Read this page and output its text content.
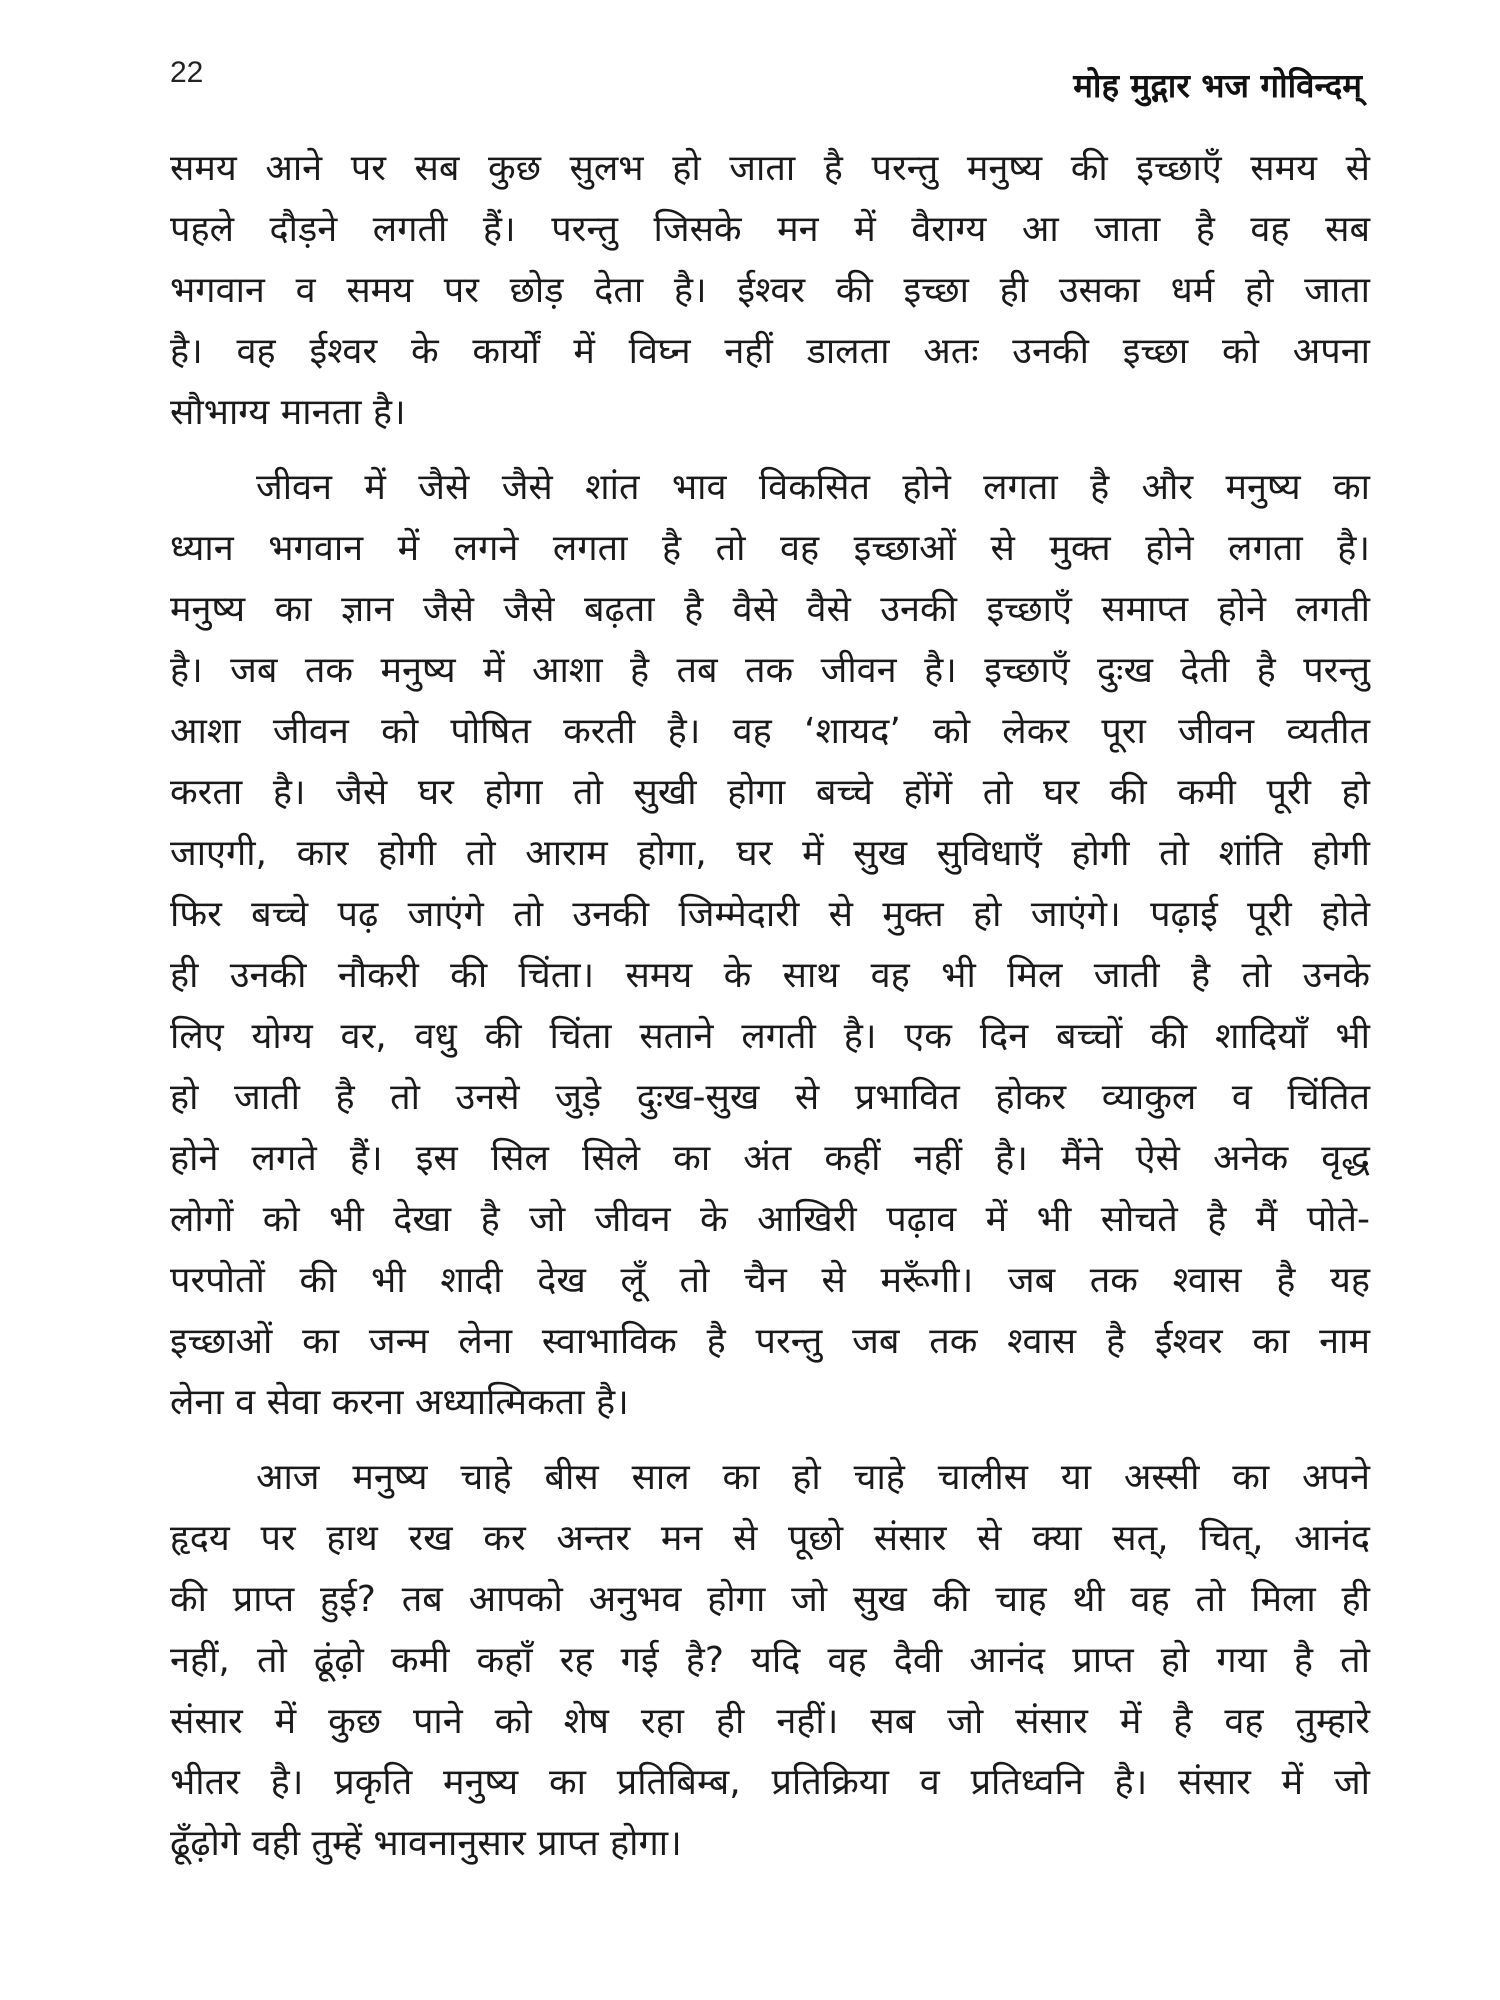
22	मोह मुद्गार भज गोविन्दम्

समय आने पर सब कुछ सुलभ हो जाता है परन्तु मनुष्य की इच्छाएँ समय से
पहले दौड़ने लगती हैं। परन्तु जिसके मन में वैराग्य आ जाता है वह सब
भगवान व समय पर छोड़ देता है। ईश्वर की इच्छा ही उसका धर्म हो जाता
है। वह ईश्वर के कार्यों में विघ्न नहीं डालता अतः उनकी इच्छा को अपना
सौभाग्य मानता है।

जीवन में जैसे जैसे शांत भाव विकसित होने लगता है और मनुष्य का
ध्यान भगवान में लगने लगता है तो वह इच्छाओं से मुक्त होने लगता है।
मनुष्य का ज्ञान जैसे जैसे बढ़ता है वैसे वैसे उनकी इच्छाएँ समाप्त होने लगती
है। जब तक मनुष्य में आशा है तब तक जीवन है। इच्छाएँ दुःख देती है परन्तु
आशा जीवन को पोषित करती है। वह ‘शायद’ को लेकर पूरा जीवन व्यतीत
करता है। जैसे घर होगा तो सुखी होगा बच्चे होंगें तो घर की कमी पूरी हो
जाएगी, कार होगी तो आराम होगा, घर में सुख सुविधाएँ होगी तो शांति होगी
फिर बच्चे पढ़ जाएंगे तो उनकी जिम्मेदारी से मुक्त हो जाएंगे। पढ़ाई पूरी होते
ही उनकी नौकरी की चिंता। समय के साथ वह भी मिल जाती है तो उनके
लिए योग्य वर, वधु की चिंता सताने लगती है। एक दिन बच्चों की शादियाँ भी
हो जाती है तो उनसे जुड़े दुःख-सुख से प्रभावित होकर व्याकुल व चिंतित
होने लगते हैं। इस सिल सिले का अंत कहीं नहीं है। मैंने ऐसे अनेक वृद्ध
लोगों को भी देखा है जो जीवन के आखिरी पढ़ाव में भी सोचते है मैं पोते-
परपोतों की भी शादी देख लूँ तो चैन से मरूँगी। जब तक श्वास है यह
इच्छाओं का जन्म लेना स्वाभाविक है परन्तु जब तक श्वास है ईश्वर का नाम
लेना व सेवा करना अध्यात्मिकता है।

आज मनुष्य चाहे बीस साल का हो चाहे चालीस या अस्सी का अपने
हृदय पर हाथ रख कर अन्तर मन से पूछो संसार से क्या सत्, चित्, आनंद
की प्राप्त हुई? तब आपको अनुभव होगा जो सुख की चाह थी वह तो मिला ही
नहीं, तो ढूंढ़ो कमी कहाँ रह गई है? यदि वह दैवी आनंद प्राप्त हो गया है तो
संसार में कुछ पाने को शेष रहा ही नहीं। सब जो संसार में है वह तुम्हारे
भीतर है। प्रकृति मनुष्य का प्रतिबिम्ब, प्रतिक्रिया व प्रतिध्वनि है। संसार में जो
ढूँढ़ोगे वही तुम्हें भावनानुसार प्राप्त होगा।
